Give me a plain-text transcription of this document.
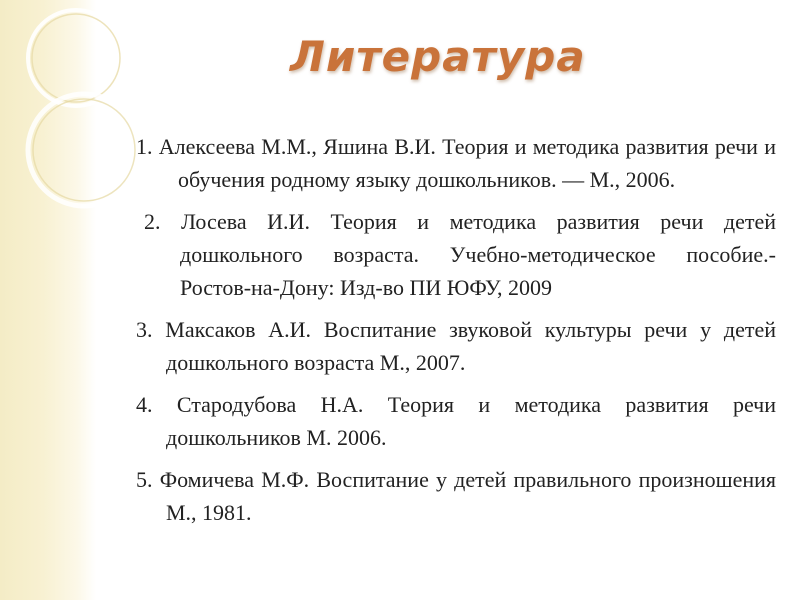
Литература
1. Алексеева М.М., Яшина В.И. Теория и методика развития речи и обучения родному языку дошкольников. — М., 2006.
2. Лосева И.И. Теория и методика развития речи детей дошкольного возраста. Учебно-методическое пособие.- Ростов-на-Дону: Изд-во ПИ ЮФУ, 2009
3. Максаков А.И. Воспитание звуковой культуры речи у детей дошкольного возраста М., 2007.
4. Стародубова Н.А. Теория и методика развития речи дошкольников М. 2006.
5. Фомичева М.Ф. Воспитание у детей правильного произношения М., 1981.
